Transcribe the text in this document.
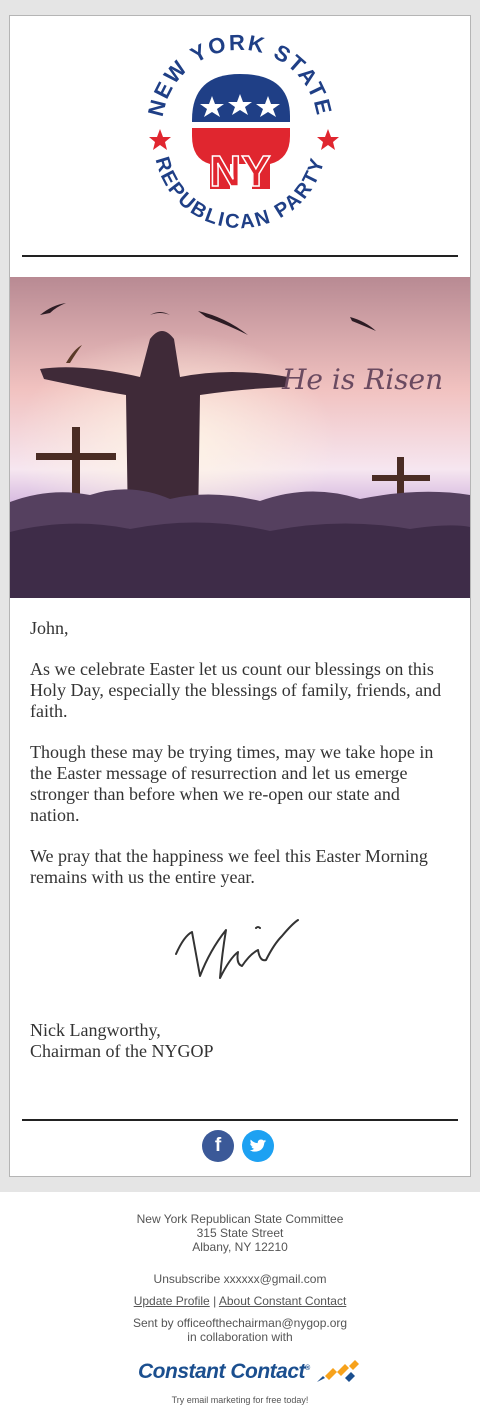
NEW YORK STATE
REPUBLICAN PARTY
NY
He is Risen

John,

As we celebrate Easter let us count our blessings on this Holy Day, especially the blessings of family, friends, and faith.

Though these may be trying times, may we take hope in the Easter message of resurrection and let us emerge stronger than before when we re-open our state and nation.

We pray that the happiness we feel this Easter Morning remains with us the entire year.

Nick Langworthy,
Chairman of the NYGOP
f
New York Republican State Committee
315 State Street
Albany, NY 12210
Unsubscribe xxxxxx@gmail.com
Update Profile | About Constant Contact
Sent by officeofthechairman@nygop.org
in collaboration with
Constant Contact®
Try email marketing for free today!
